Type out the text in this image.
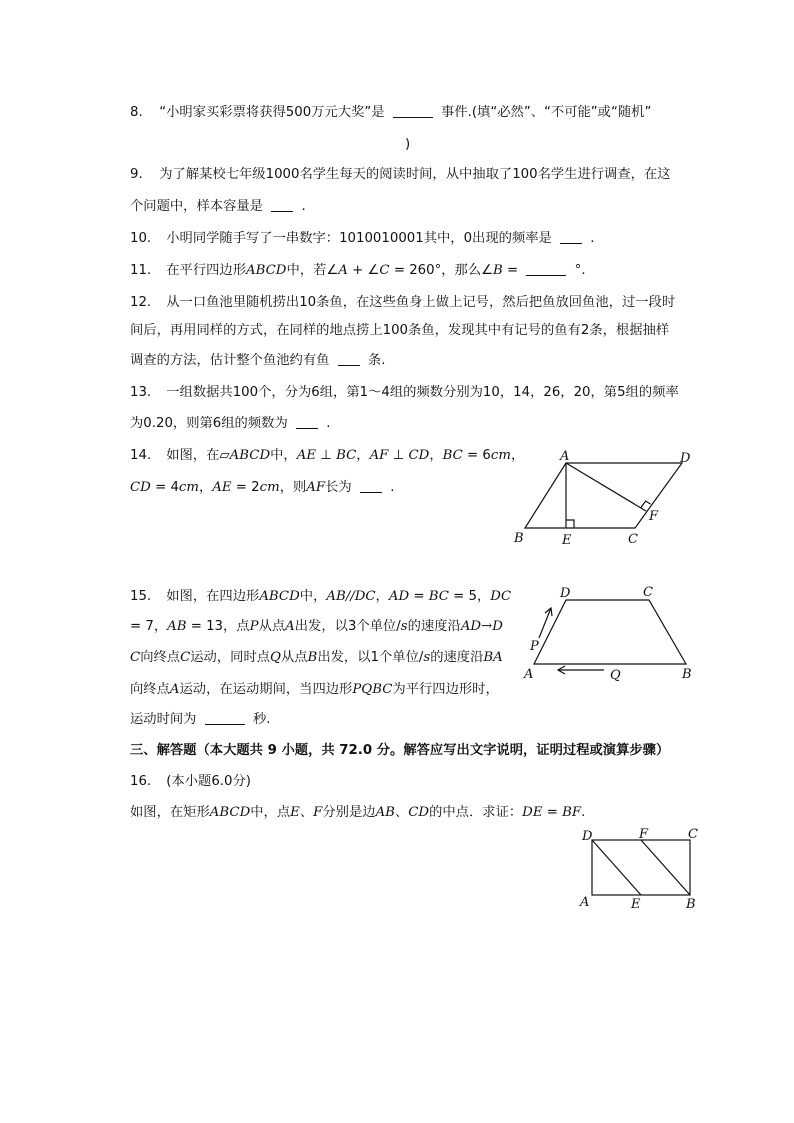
8. “小明家买彩票将获得500万元大奖”是	事件.(填“必然”、“不可能”或“随机”
)
9. 为了解某校七年级1000名学生每天的阅读时间，从中抽取了100名学生进行调查，在这
个问题中，样本容量是	.
10. 小明同学随手写了一串数字：1010010001其中，0出现的频率是	.
11. 在平行四边形ABCD中，若∠A + ∠C = 260°，那么∠B =	°.
12. 从一口鱼池里随机捞出10条鱼，在这些鱼身上做上记号，然后把鱼放回鱼池，过一段时
间后，再用同样的方式，在同样的地点捞上100条鱼，发现其中有记号的鱼有2条，根据抽样
调查的方法，估计整个鱼池约有鱼	条.
13. 一组数据共100个，分为6组，第1～4组的频数分别为10，14，26，20，第5组的频率
为0.20，则第6组的频数为	.
14. 如图，在▱ABCD中，AE ⊥ BC，AF ⊥ CD，BC = 6cm，
CD = 4cm，AE = 2cm，则AF长为	.
A	D
B	E	C
F
15. 如图，在四边形ABCD中，AB//DC，AD = BC = 5，DC
= 7，AB = 13，点P从点A出发，以3个单位/s的速度沿AD→D
C向终点C运动，同时点Q从点B出发，以1个单位/s的速度沿BA
向终点A运动，在运动期间，当四边形PQBC为平行四边形时，
运动时间为	秒.
D	C
P
A	Q	B
三、解答题（本大题共 9 小题，共 72.0 分。解答应写出文字说明，证明过程或演算步骤）
16. (本小题6.0分)
如图，在矩形ABCD中，点E、F分别是边AB、CD的中点．求证：DE = BF.
D	F	C
A	E	B
